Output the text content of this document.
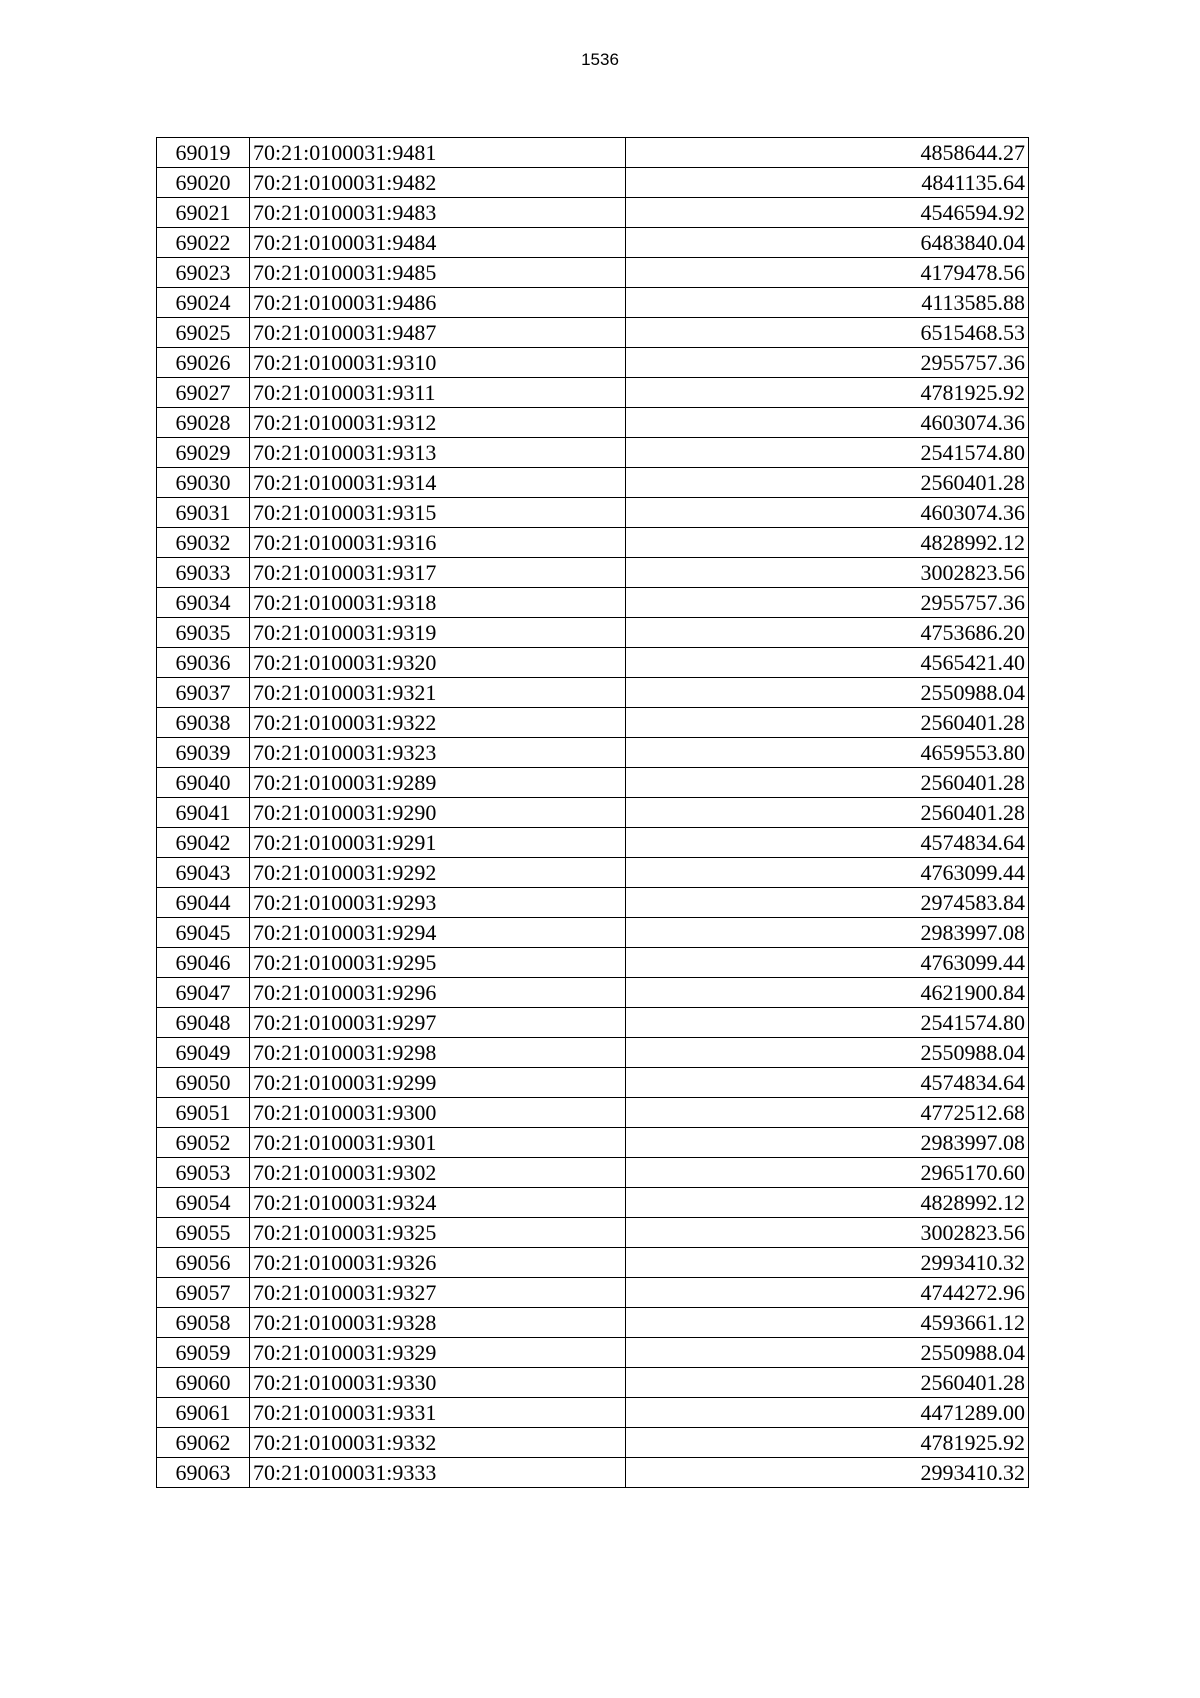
1536
69019	70:21:0100031:9481	4858644.27
69020	70:21:0100031:9482	4841135.64
69021	70:21:0100031:9483	4546594.92
69022	70:21:0100031:9484	6483840.04
69023	70:21:0100031:9485	4179478.56
69024	70:21:0100031:9486	4113585.88
69025	70:21:0100031:9487	6515468.53
69026	70:21:0100031:9310	2955757.36
69027	70:21:0100031:9311	4781925.92
69028	70:21:0100031:9312	4603074.36
69029	70:21:0100031:9313	2541574.80
69030	70:21:0100031:9314	2560401.28
69031	70:21:0100031:9315	4603074.36
69032	70:21:0100031:9316	4828992.12
69033	70:21:0100031:9317	3002823.56
69034	70:21:0100031:9318	2955757.36
69035	70:21:0100031:9319	4753686.20
69036	70:21:0100031:9320	4565421.40
69037	70:21:0100031:9321	2550988.04
69038	70:21:0100031:9322	2560401.28
69039	70:21:0100031:9323	4659553.80
69040	70:21:0100031:9289	2560401.28
69041	70:21:0100031:9290	2560401.28
69042	70:21:0100031:9291	4574834.64
69043	70:21:0100031:9292	4763099.44
69044	70:21:0100031:9293	2974583.84
69045	70:21:0100031:9294	2983997.08
69046	70:21:0100031:9295	4763099.44
69047	70:21:0100031:9296	4621900.84
69048	70:21:0100031:9297	2541574.80
69049	70:21:0100031:9298	2550988.04
69050	70:21:0100031:9299	4574834.64
69051	70:21:0100031:9300	4772512.68
69052	70:21:0100031:9301	2983997.08
69053	70:21:0100031:9302	2965170.60
69054	70:21:0100031:9324	4828992.12
69055	70:21:0100031:9325	3002823.56
69056	70:21:0100031:9326	2993410.32
69057	70:21:0100031:9327	4744272.96
69058	70:21:0100031:9328	4593661.12
69059	70:21:0100031:9329	2550988.04
69060	70:21:0100031:9330	2560401.28
69061	70:21:0100031:9331	4471289.00
69062	70:21:0100031:9332	4781925.92
69063	70:21:0100031:9333	2993410.32
